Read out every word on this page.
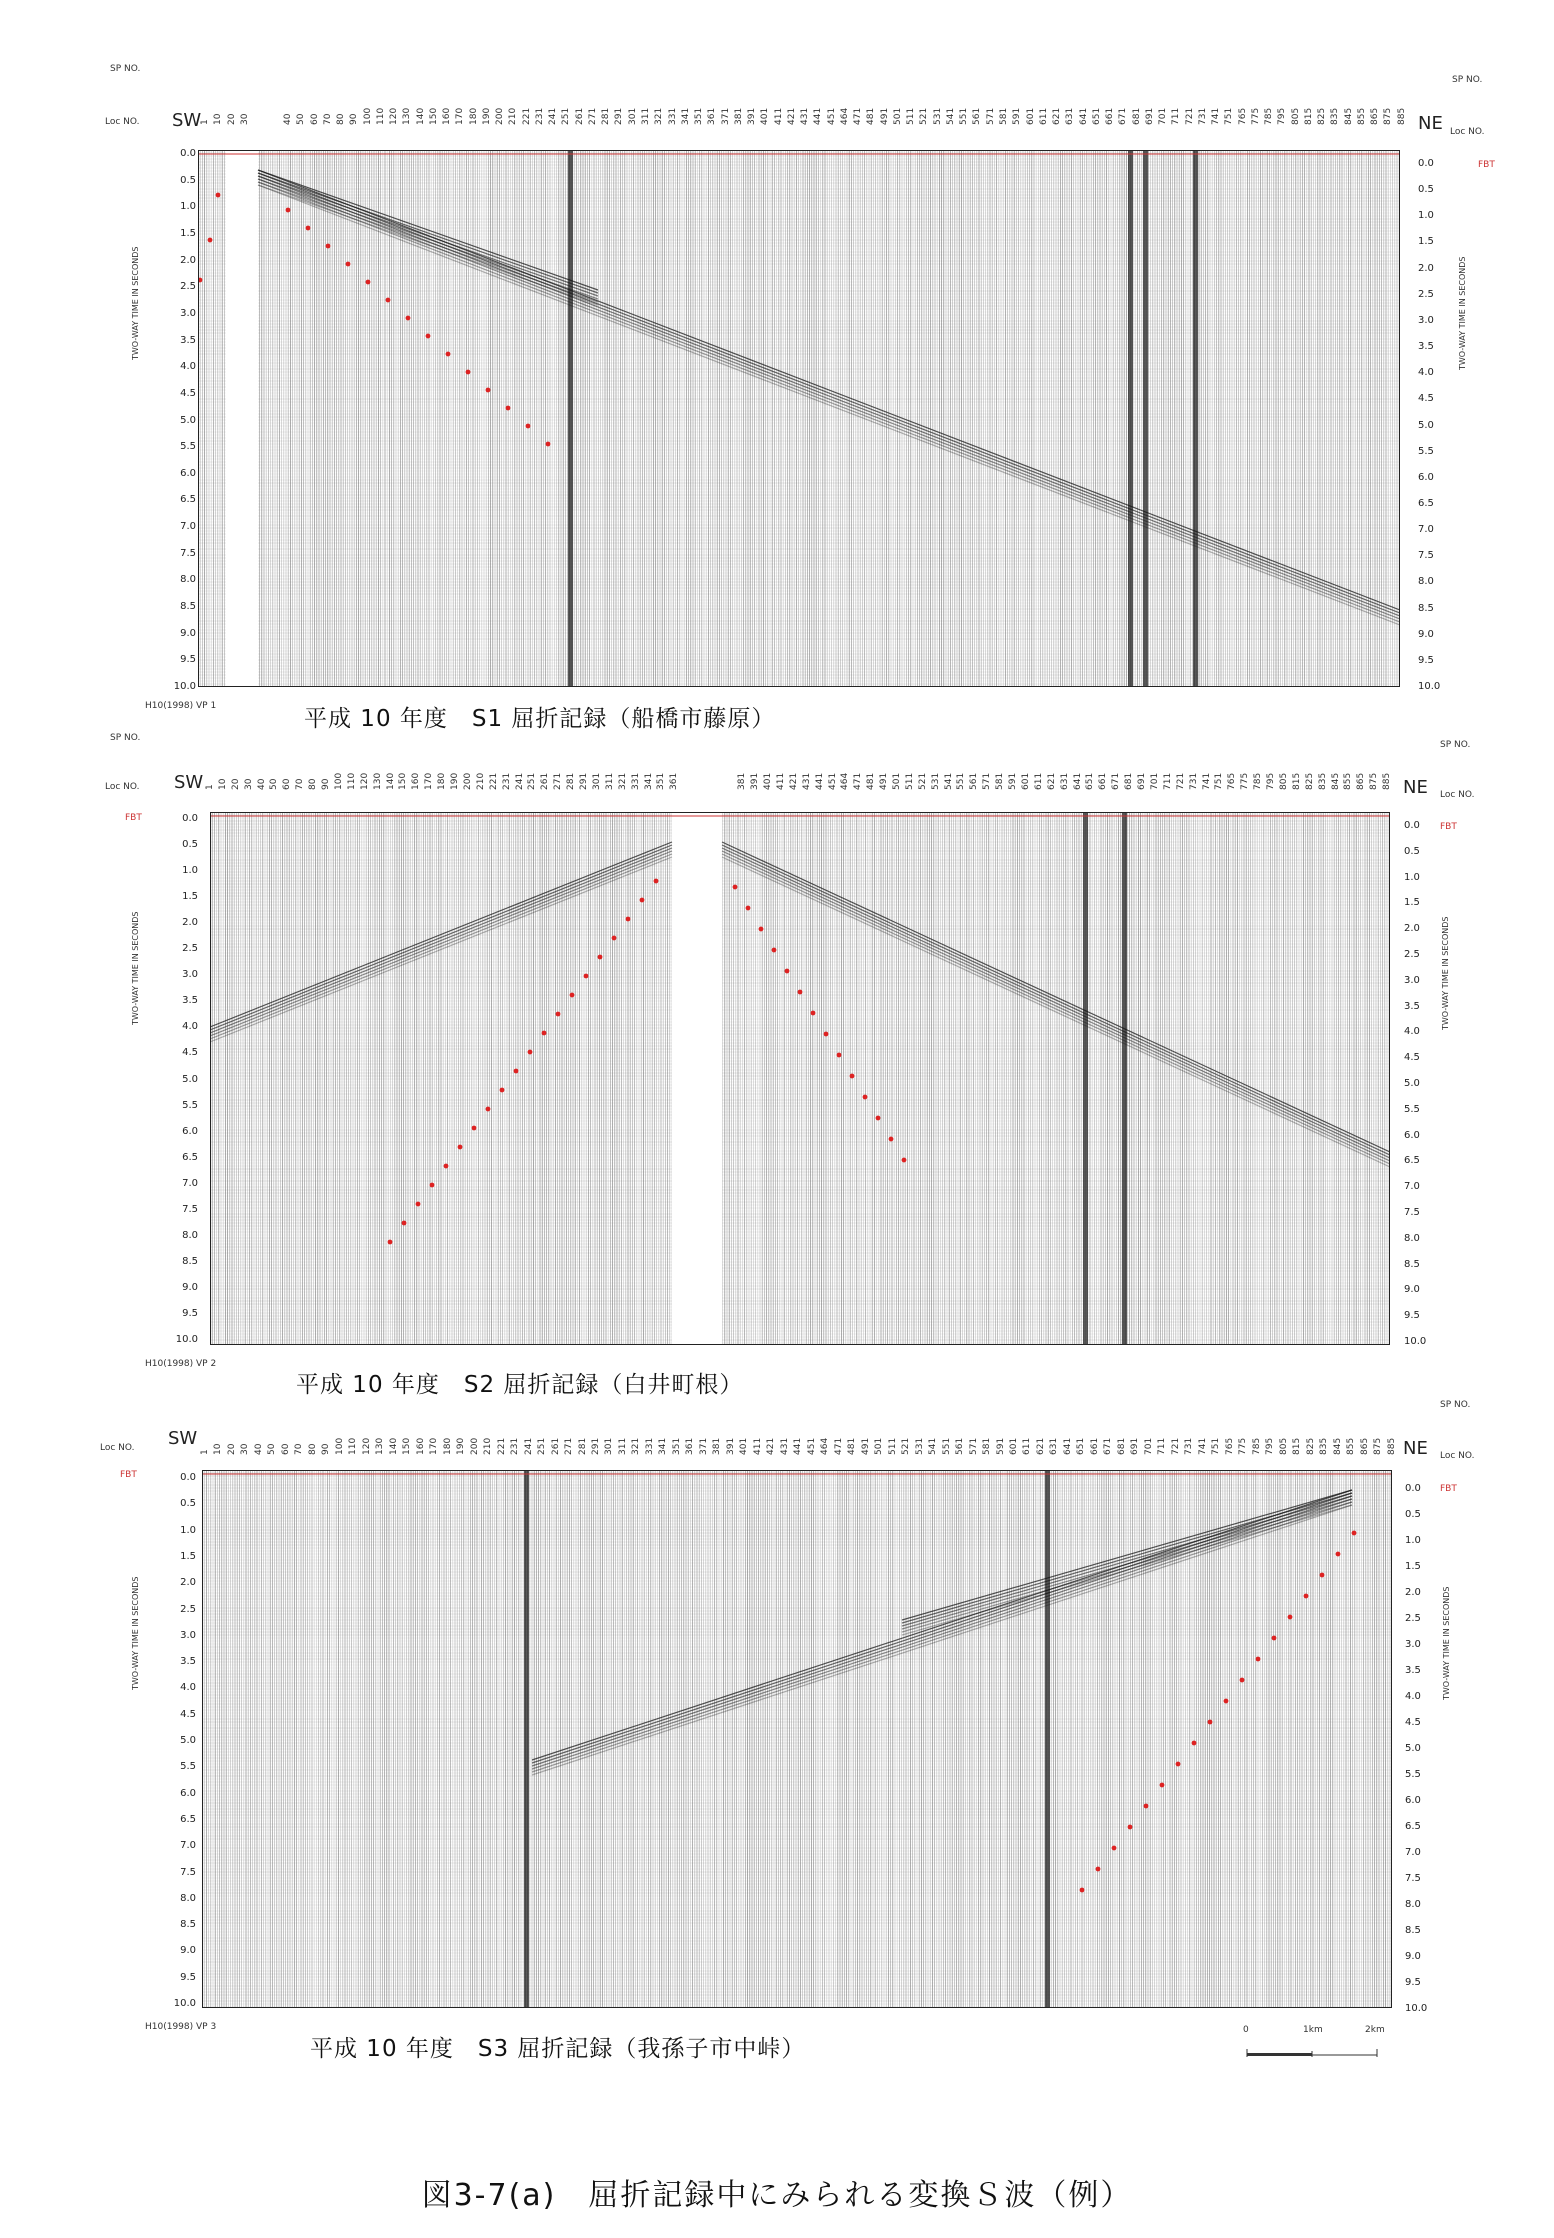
SP NO.
SP NO.
Loc NO.
Loc NO.
SW	NE
1 10 20 30	40 50 60 70 80 90 100 110 120 130 140 150 160 170 180 190 200 210 221 231 241 251 261 271 281 291 301 311 321 331 341 351 361 371 381 391 401 411 421 431 441 451 464 471 481 491 501 511 521 531 541 551 561 571 581 591 601 611 621 631 641 651 661 671 681 691 701 711 721 731 741 751 765 775 785 795 805 815 825 835 845 855 865 875 885
0.0
0.5
1.0
1.5
2.0
2.5
3.0
3.5
4.0
4.5
5.0
5.5
6.0
6.5
7.0
7.5
8.0
8.5
9.0
9.5
10.0
0.0
0.5
1.0
1.5
2.0
2.5
3.0
3.5
4.0
4.5
5.0
5.5
6.0
6.5
7.0
7.5
8.0
8.5
9.0
9.5
10.0
TWO-WAY TIME IN SECONDS	TWO-WAY TIME IN SECONDS
FBT
H10(1998) VP 1	平成 10 年度　S1 屈折記録（船橋市藤原）
SP NO.
SP NO.
Loc NO.
Loc NO.
SW	NE
FBT
1 10 20 30 40 50 60 70 80 90 100 110 120 130 140 150 160 170 180 190 200 210 221 231 241 251 261 271 281 291 301 311 321 331 341 351 361	381 391 401 411 421 431 441 451 464 471 481 491 501 511 521 531 541 551 561 571 581 591 601 611 621 631 641 651 661 671 681 691 701 711 721 731 741 751 765 775 785 795 805 815 825 835 845 855 865 875 885
0.0
0.5
1.0
1.5
2.0
2.5
3.0
3.5
4.0
4.5
5.0
5.5
6.0
6.5
7.0
7.5
8.0
8.5
9.0
9.5
10.0
0.0
0.5
1.0
1.5
2.0
2.5
3.0
3.5
4.0
4.5
5.0
5.5
6.0
6.5
7.0
7.5
8.0
8.5
9.0
9.5
10.0
TWO-WAY TIME IN SECONDS	TWO-WAY TIME IN SECONDS
FBT
H10(1998) VP 2
平成 10 年度　S2 屈折記録（白井町根）
SP NO.
Loc NO.
Loc NO.
SW	NE
FBT
1 10 20 30 40 50 60 70 80 90 100 110 120 130 140 150 160 170 180 190 200 210 221 231 241 251 261 271 281 291 301 311 321 331 341 351 361 371 381 391 401 411 421 431 441 451 464 471 481 491 501 511 521 531 541 551 561 571 581 591 601 611 621 631 641 651 661 671 681 691 701 711 721 731 741 751 765 775 785 795 805 815 825 835 845 855 865 875 885
0.0
0.5
1.0
1.5
2.0
2.5
3.0
3.5
4.0
4.5
5.0
5.5
6.0
6.5
7.0
7.5
8.0
8.5
9.0
9.5
10.0
0.0
0.5
1.0
1.5
2.0
2.5
3.0
3.5
4.0
4.5
5.0
5.5
6.0
6.5
7.0
7.5
8.0
8.5
9.0
9.5
10.0
TWO-WAY TIME IN SECONDS	TWO-WAY TIME IN SECONDS
FBT
H10(1998) VP 3
平成 10 年度　S3 屈折記録（我孫子市中峠）
0	1km	2km
図3-7(a)　屈折記録中にみられる変換Ｓ波（例）
